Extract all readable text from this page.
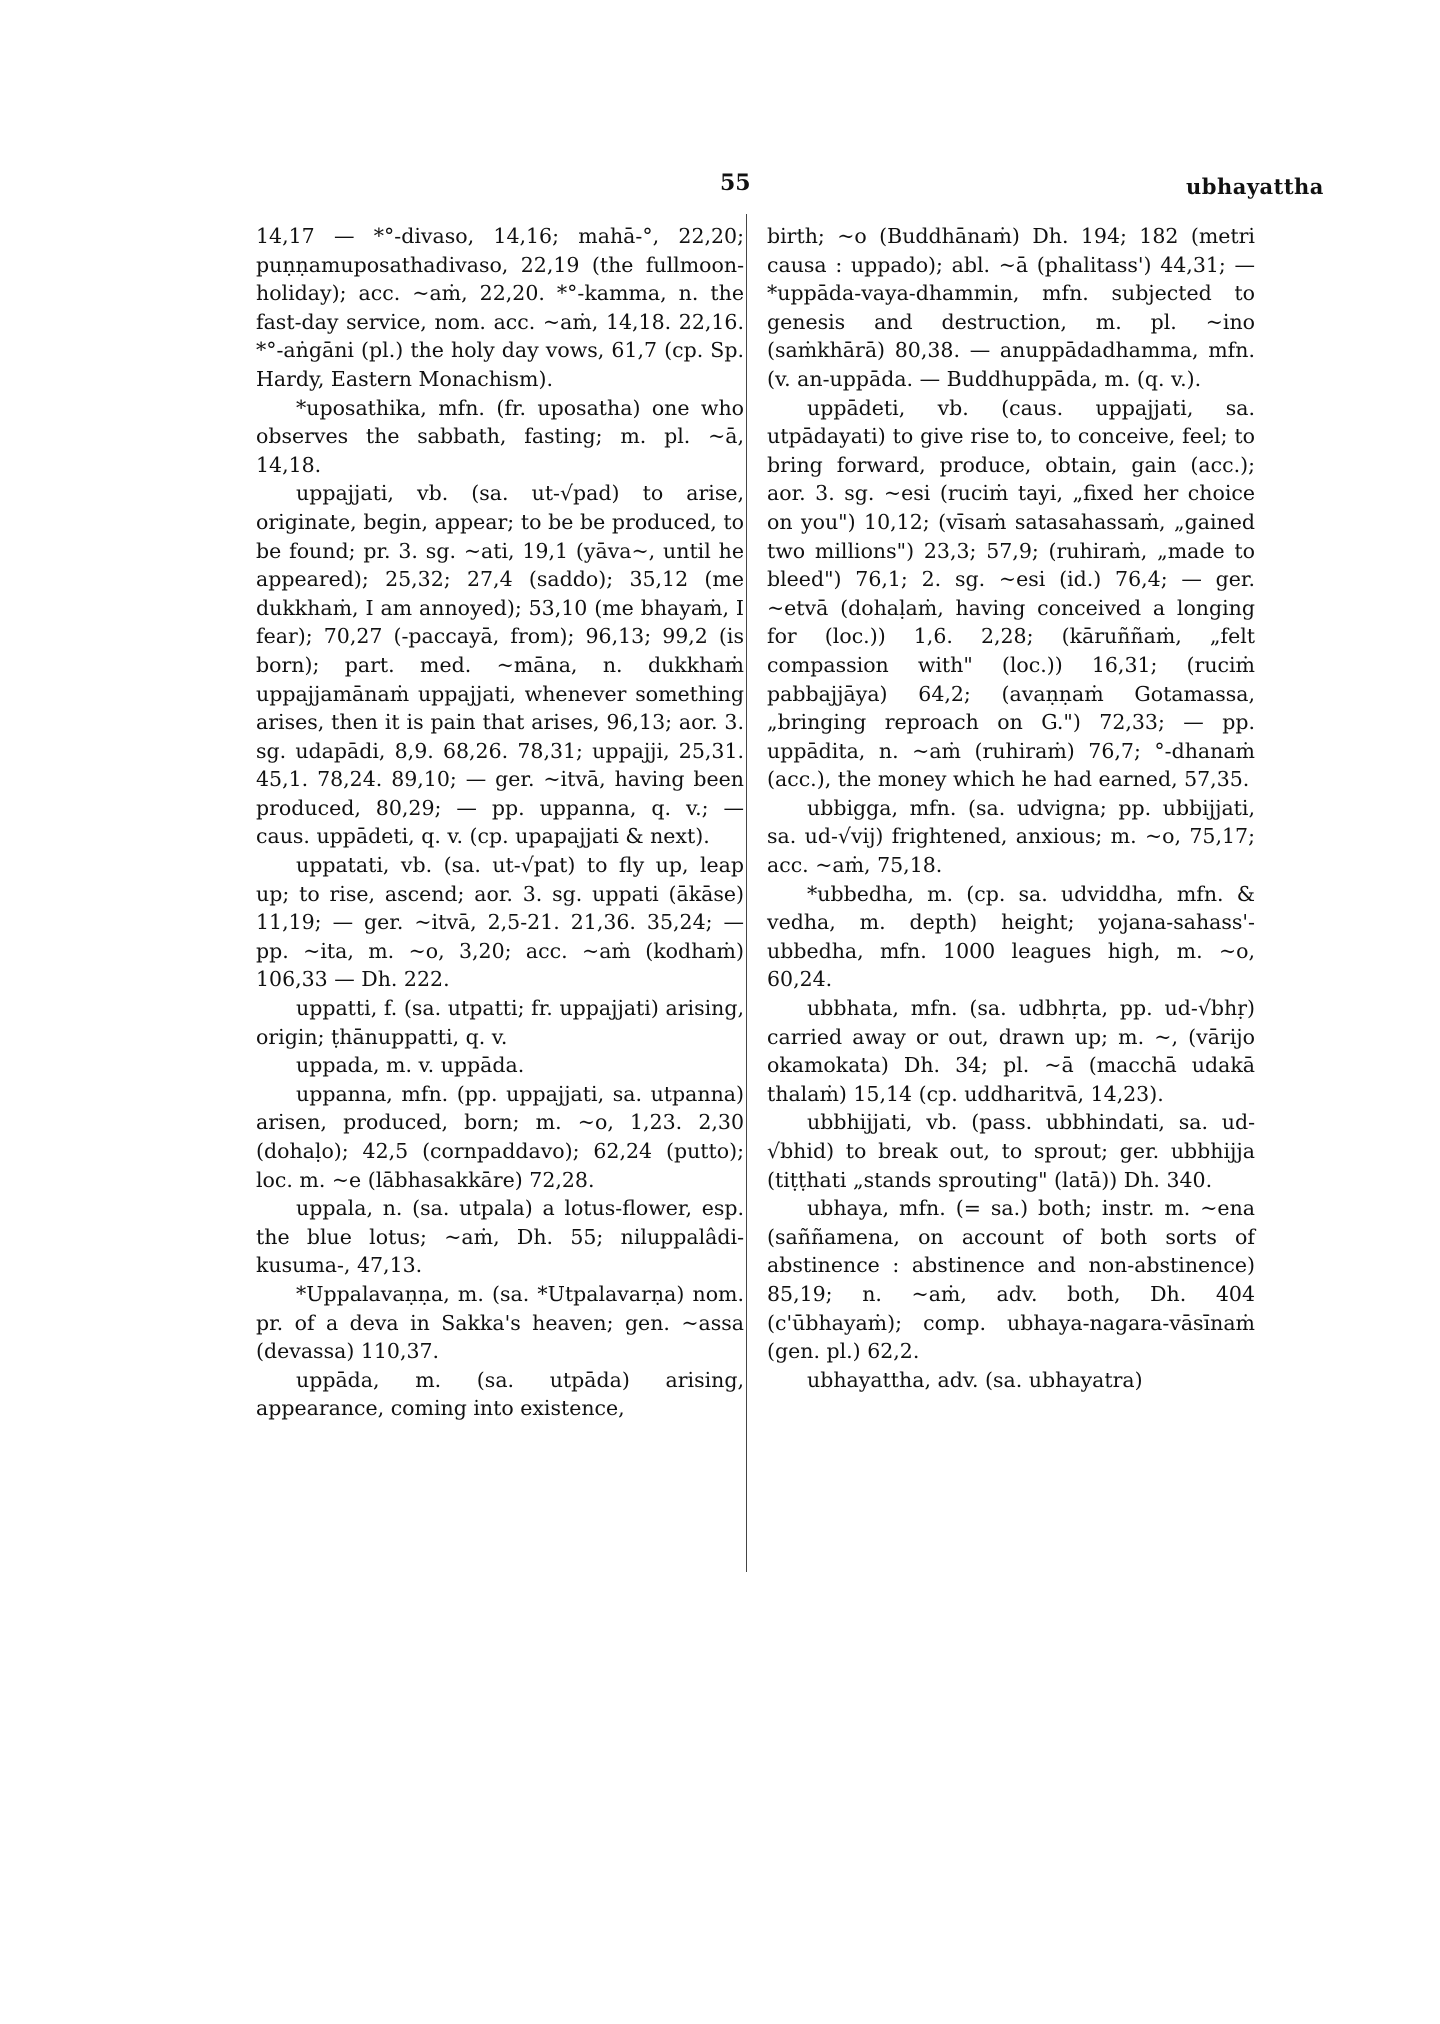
55	ubhayattha

14,17 — *°-divaso, 14,16; mahā-°, 22,20; puṇṇamuposathadivaso, 22,19 (the fullmoon-holiday); acc. ~aṁ, 22,20. *°-kamma, n. the fast-day service, nom. acc. ~aṁ, 14,18. 22,16. *°-aṅgāni (pl.) the holy day vows, 61,7 (cp. Sp. Hardy, Eastern Monachism).

*uposathika, mfn. (fr. uposatha) one who observes the sabbath, fasting; m. pl. ~ā, 14,18.

uppajjati, vb. (sa. ut-√pad) to arise, originate, begin, appear; to be be produced, to be found; pr. 3. sg. ~ati, 19,1 (yāva~, until he appeared); 25,32; 27,4 (saddo); 35,12 (me dukkhaṁ, I am annoyed); 53,10 (me bhayaṁ, I fear); 70,27 (-paccayā, from); 96,13; 99,2 (is born); part. med. ~māna, n. dukkhaṁ uppajjamānaṁ uppajjati, whenever something arises, then it is pain that arises, 96,13; aor. 3. sg. udapādi, 8,9. 68,26. 78,31; uppajji, 25,31. 45,1. 78,24. 89,10; — ger. ~itvā, having been produced, 80,29; — pp. uppanna, q. v.; — caus. uppādeti, q. v. (cp. upapajjati & next).

uppatati, vb. (sa. ut-√pat) to fly up, leap up; to rise, ascend; aor. 3. sg. uppati (ākāse) 11,19; — ger. ~itvā, 2,5-21. 21,36. 35,24; — pp. ~ita, m. ~o, 3,20; acc. ~aṁ (kodhaṁ) 106,33 — Dh. 222.

uppatti, f. (sa. utpatti; fr. uppajjati) arising, origin; ṭhānuppatti, q. v.

uppada, m. v. uppāda.

uppanna, mfn. (pp. uppajjati, sa. utpanna) arisen, produced, born; m. ~o, 1,23. 2,30 (dohaḷo); 42,5 (cornpaddavo); 62,24 (putto); loc. m. ~e (lābhasakkāre) 72,28.

uppala, n. (sa. utpala) a lotus-flower, esp. the blue lotus; ~aṁ, Dh. 55; niluppalâdi-kusuma-, 47,13.

*Uppalavaṇṇa, m. (sa. *Utpalavarṇa) nom. pr. of a deva in Sakka's heaven; gen. ~assa (devassa) 110,37.

uppāda, m. (sa. utpāda) arising, appearance, coming into existence,

birth; ~o (Buddhānaṁ) Dh. 194; 182 (metri causa : uppado); abl. ~ā (phalitass') 44,31; — *uppāda-vaya-dhammin, mfn. subjected to genesis and destruction, m. pl. ~ino (saṁkhārā) 80,38. — anuppādadhamma, mfn. (v. an-uppāda. — Buddhuppāda, m. (q. v.).

uppādeti, vb. (caus. uppajjati, sa. utpādayati) to give rise to, to conceive, feel; to bring forward, produce, obtain, gain (acc.); aor. 3. sg. ~esi (ruciṁ tayi, „fixed her choice on you") 10,12; (vīsaṁ satasahassaṁ, „gained two millions") 23,3; 57,9; (ruhiraṁ, „made to bleed") 76,1; 2. sg. ~esi (id.) 76,4; — ger. ~etvā (dohaḷaṁ, having conceived a longing for (loc.)) 1,6. 2,28; (kāruññaṁ, „felt compassion with" (loc.)) 16,31; (ruciṁ pabbajjāya) 64,2; (avaṇṇaṁ Gotamassa, „bringing reproach on G.") 72,33; — pp. uppādita, n. ~aṁ (ruhiraṁ) 76,7; °-dhanaṁ (acc.), the money which he had earned, 57,35.

ubbigga, mfn. (sa. udvigna; pp. ubbijjati, sa. ud-√vij) frightened, anxious; m. ~o, 75,17; acc. ~aṁ, 75,18.

*ubbedha, m. (cp. sa. udviddha, mfn. & vedha, m. depth) height; yojana-sahass'-ubbedha, mfn. 1000 leagues high, m. ~o, 60,24.

ubbhata, mfn. (sa. udbhṛta, pp. ud-√bhṛ) carried away or out, drawn up; m. ~, (vārijo okamokata) Dh. 34; pl. ~ā (macchā udakā thalaṁ) 15,14 (cp. uddharitvā, 14,23).

ubbhijjati, vb. (pass. ubbhindati, sa. ud-√bhid) to break out, to sprout; ger. ubbhijja (tiṭṭhati „stands sprouting" (latā)) Dh. 340.

ubhaya, mfn. (= sa.) both; instr. m. ~ena (saññamena, on account of both sorts of abstinence : abstinence and non-abstinence) 85,19; n. ~aṁ, adv. both, Dh. 404 (c'ūbhayaṁ); comp. ubhaya-nagara-vāsīnaṁ (gen. pl.) 62,2.

ubhayattha, adv. (sa. ubhayatra)
